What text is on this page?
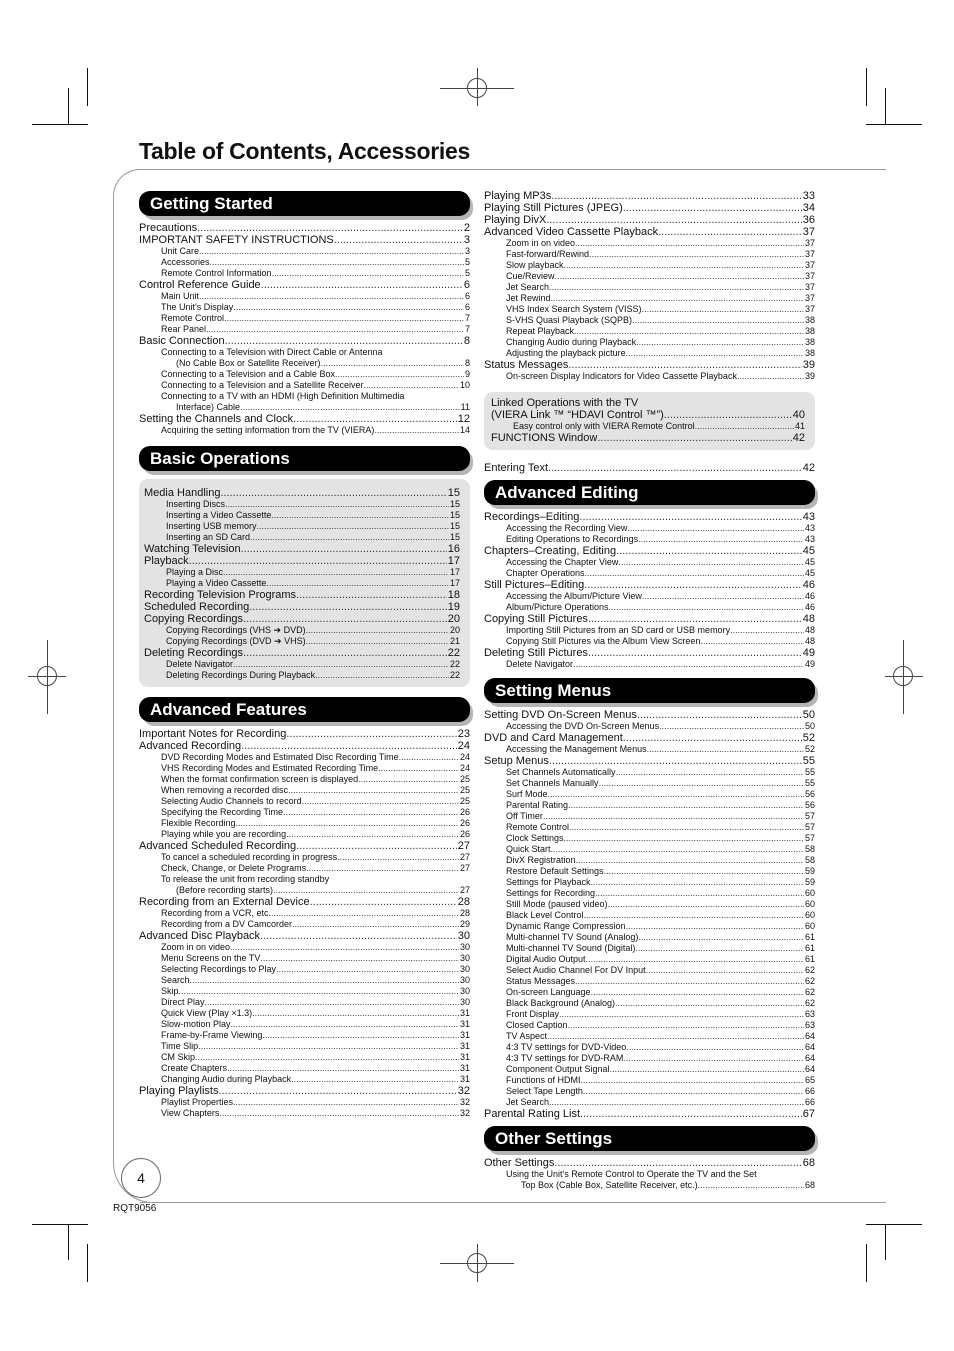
Table of Contents, Accessories
Getting Started
Precautions .....	2
IMPORTANT SAFETY INSTRUCTIONS .....	3
Unit Care .....	3
Accessories .....	5
Remote Control Information .....	5
Control Reference Guide .....	6
Main Unit .....	6
The Unit's Display .....	6
Remote Control .....	7
Rear Panel .....	7
Basic Connection .....	8
Connecting to a Television with Direct Cable or Antenna
(No Cable Box or Satellite Receiver) .....	8
Connecting to a Television and a Cable Box .....	9
Connecting to a Television and a Satellite Receiver .....	10
Connecting to a TV with an HDMI (High Definition Multimedia
Interface) Cable .....	11
Setting the Channels and Clock .....	12
Acquiring the setting information from the TV (VIERA) .....	14
Basic Operations
Media Handling .....	15
Inserting Discs .....	15
Inserting a Video Cassette .....	15
Inserting USB memory .....	15
Inserting an SD Card .....	15
Watching Television .....	16
Playback .....	17
Playing a Disc .....	17
Playing a Video Cassette .....	17
Recording Television Programs .....	18
Scheduled Recording .....	19
Copying Recordings .....	20
Copying Recordings (VHS ➔ DVD) .....	20
Copying Recordings (DVD ➔ VHS) .....	21
Deleting Recordings .....	22
Delete Navigator .....	22
Deleting Recordings During Playback .....	22
Advanced Features
Important Notes for Recording .....	23
Advanced Recording .....	24
DVD Recording Modes and Estimated Disc Recording Time .....	24
VHS Recording Modes and Estimated Recording Time .....	24
When the format confirmation screen is displayed .....	25
When removing a recorded disc .....	25
Selecting Audio Channels to record .....	25
Specifying the Recording Time .....	26
Flexible Recording .....	26
Playing while you are recording .....	26
Advanced Scheduled Recording .....	27
To cancel a scheduled recording in progress .....	27
Check, Change, or Delete Programs .....	27
To release the unit from recording standby
(Before recording starts) .....	27
Recording from an External Device .....	28
Recording from a VCR, etc. .....	28
Recording from a DV Camcorder .....	29
Advanced Disc Playback .....	30
Zoom in on video .....	30
Menu Screens on the TV .....	30
Selecting Recordings to Play .....	30
Search .....	30
Skip .....	30
Direct Play .....	30
Quick View (Play ×1.3) .....	31
Slow-motion Play .....	31
Frame-by-Frame Viewing .....	31
Time Slip .....	31
CM Skip .....	31
Create Chapters .....	31
Changing Audio during Playback .....	31
Playing Playlists .....	32
Playlist Properties .....	32
View Chapters .....	32
Playing MP3s .....	33
Playing Still Pictures (JPEG) .....	34
Playing DivX .....	36
Advanced Video Cassette Playback .....	37
Zoom in on video .....	37
Fast-forward/Rewind .....	37
Slow playback .....	37
Cue/Review .....	37
Jet Search .....	37
Jet Rewind .....	37
VHS Index Search System (VISS) .....	37
S-VHS Quasi Playback (SQPB) .....	38
Repeat Playback .....	38
Changing Audio during Playback .....	38
Adjusting the playback picture .....	38
Status Messages .....	39
On-screen Display Indicators for Video Cassette Playback .....	39
Linked Operations with the TV
(VIERA Link ™ “HDAVI Control ™”) .....	40
Easy control only with VIERA Remote Control .....	41
FUNCTIONS Window .....	42
Entering Text .....	42
Advanced Editing
Recordings–Editing .....	43
Accessing the Recording View .....	43
Editing Operations to Recordings .....	43
Chapters–Creating, Editing .....	45
Accessing the Chapter View .....	45
Chapter Operations .....	45
Still Pictures–Editing .....	46
Accessing the Album/Picture View .....	46
Album/Picture Operations .....	46
Copying Still Pictures .....	48
Importing Still Pictures from an SD card or USB memory .....	48
Copying Still Pictures via the Album View Screen .....	48
Deleting Still Pictures .....	49
Delete Navigator .....	49
Setting Menus
Setting DVD On-Screen Menus .....	50
Accessing the DVD On-Screen Menus .....	50
DVD and Card Management .....	52
Accessing the Management Menus .....	52
Setup Menus .....	55
Set Channels Automatically .....	55
Set Channels Manually .....	55
Surf Mode .....	56
Parental Rating .....	56
Off Timer .....	57
Remote Control .....	57
Clock Settings .....	57
Quick Start .....	58
DivX Registration .....	58
Restore Default Settings .....	59
Settings for Playback .....	59
Settings for Recording .....	60
Still Mode (paused video) .....	60
Black Level Control .....	60
Dynamic Range Compression .....	60
Multi-channel TV Sound (Analog) .....	61
Multi-channel TV Sound (Digital) .....	61
Digital Audio Output .....	61
Select Audio Channel For DV Input .....	62
Status Messages .....	62
On-screen Language .....	62
Black Background (Analog) .....	62
Front Display .....	63
Closed Caption .....	63
TV Aspect .....	64
4:3 TV settings for DVD-Video .....	64
4:3 TV settings for DVD-RAM .....	64
Component Output Signal .....	64
Functions of HDMI .....	65
Select Tape Length .....	66
Jet Search .....	66
Parental Rating List .....	67
Other Settings
Other Settings .....	68
Using the Unit's Remote Control to Operate the TV and the Set
Top Box (Cable Box, Satellite Receiver, etc.) .....	68
4
RQT9056
